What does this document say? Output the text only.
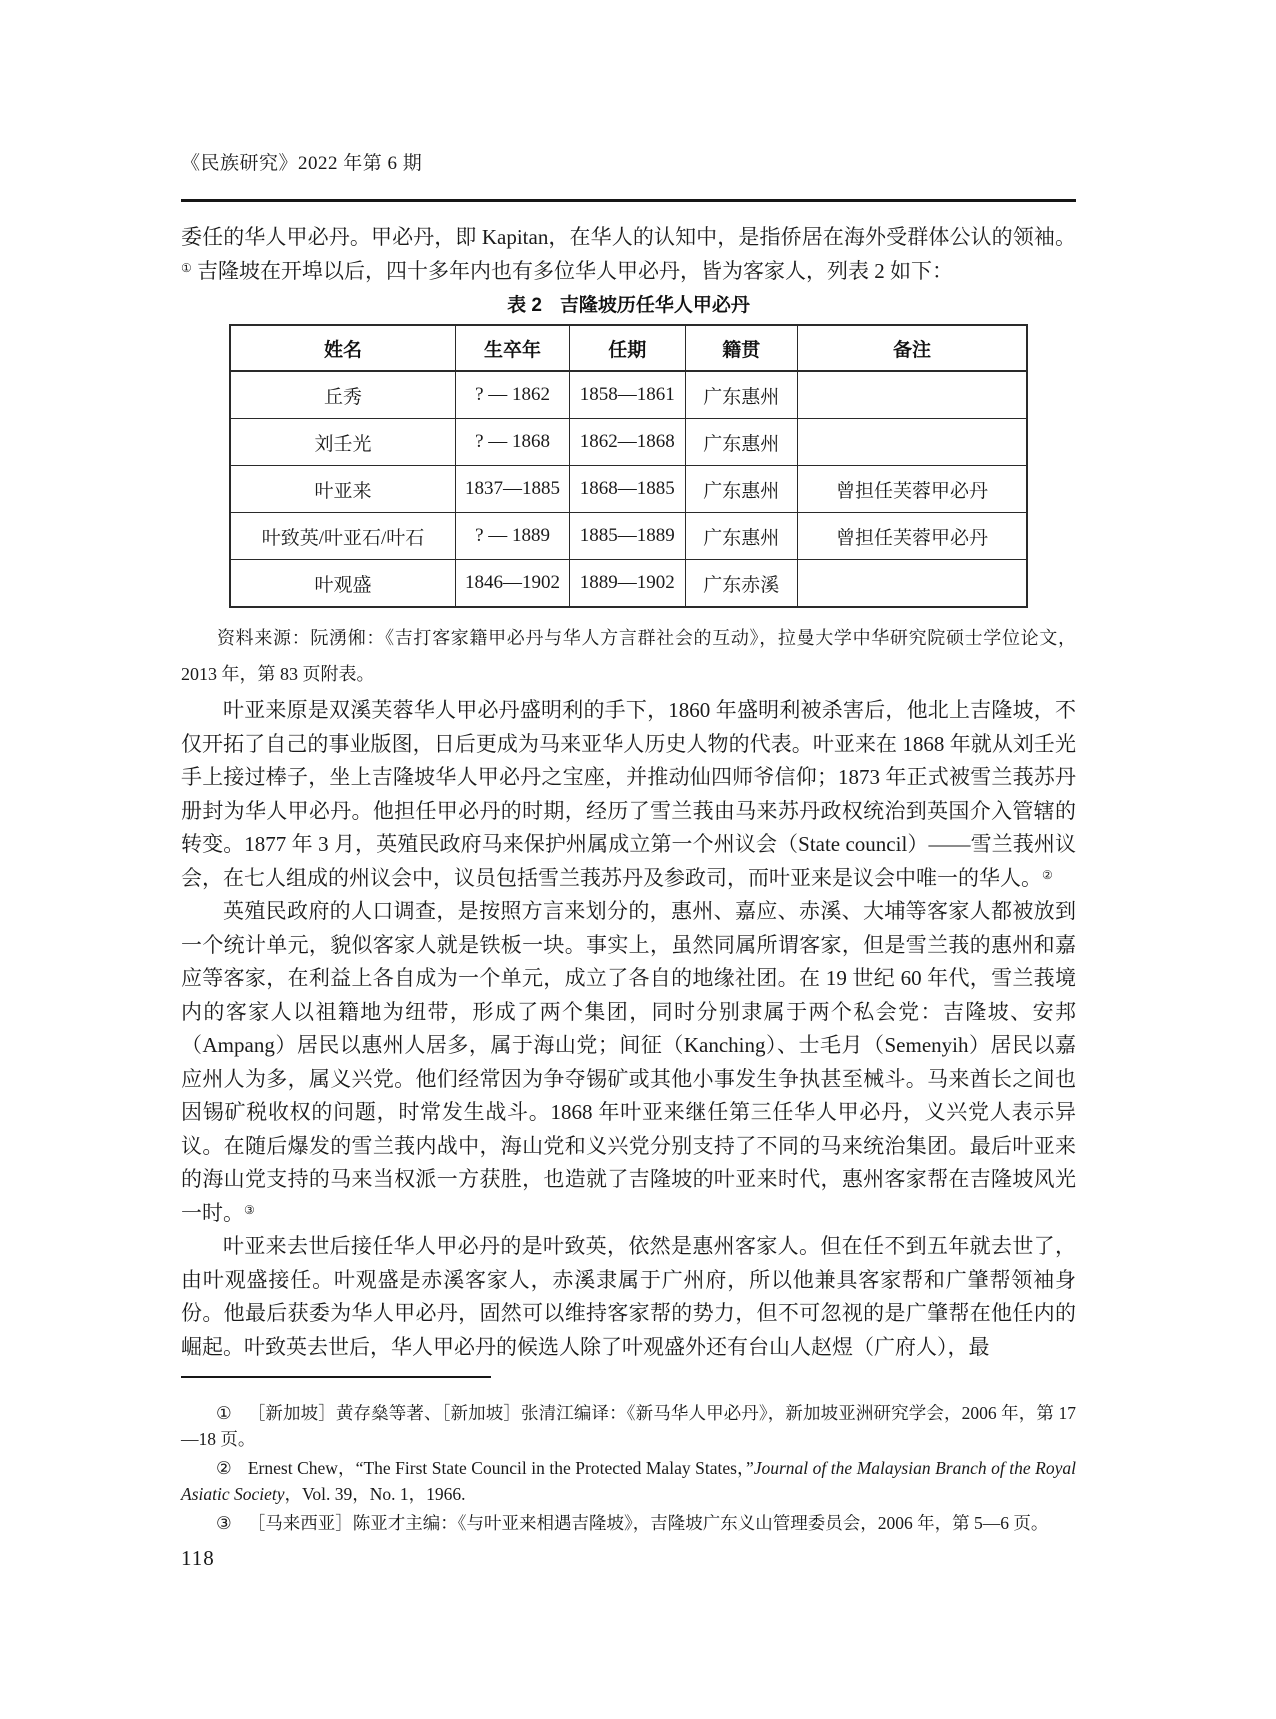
《民族研究》2022 年第 6 期

委任的华人甲必丹。甲必丹，即 Kapitan，在华人的认知中，是指侨居在海外受群体公认的领袖。① 吉隆坡在开埠以后，四十多年内也有多位华人甲必丹，皆为客家人，列表 2 如下：

表 2 吉隆坡历任华人甲必丹
姓名	生卒年	任期	籍贯	备注
丘秀	? — 1862	1858—1861	广东惠州	
刘壬光	? — 1868	1862—1868	广东惠州	
叶亚来	1837—1885	1868—1885	广东惠州	曾担任芙蓉甲必丹
叶致英/叶亚石/叶石	? — 1889	1885—1889	广东惠州	曾担任芙蓉甲必丹
叶观盛	1846—1902	1889—1902	广东赤溪	

资料来源：阮湧俰：《吉打客家籍甲必丹与华人方言群社会的互动》，拉曼大学中华研究院硕士学位论文，2013 年，第 83 页附表。

叶亚来原是双溪芙蓉华人甲必丹盛明利的手下，1860 年盛明利被杀害后，他北上吉隆坡，不仅开拓了自己的事业版图，日后更成为马来亚华人历史人物的代表。叶亚来在 1868 年就从刘壬光手上接过棒子，坐上吉隆坡华人甲必丹之宝座，并推动仙四师爷信仰；1873 年正式被雪兰莪苏丹册封为华人甲必丹。他担任甲必丹的时期，经历了雪兰莪由马来苏丹政权统治到英国介入管辖的转变。1877 年 3 月，英殖民政府马来保护州属成立第一个州议会（State council）——雪兰莪州议会，在七人组成的州议会中，议员包括雪兰莪苏丹及参政司，而叶亚来是议会中唯一的华人。②

英殖民政府的人口调查，是按照方言来划分的，惠州、嘉应、赤溪、大埔等客家人都被放到一个统计单元，貌似客家人就是铁板一块。事实上，虽然同属所谓客家，但是雪兰莪的惠州和嘉应等客家，在利益上各自成为一个单元，成立了各自的地缘社团。在 19 世纪 60 年代，雪兰莪境内的客家人以祖籍地为纽带，形成了两个集团，同时分别隶属于两个私会党：吉隆坡、安邦（Ampang）居民以惠州人居多，属于海山党；间征（Kanching）、士毛月（Semenyih）居民以嘉应州人为多，属义兴党。他们经常因为争夺锡矿或其他小事发生争执甚至械斗。马来酋长之间也因锡矿税收权的问题，时常发生战斗。1868 年叶亚来继任第三任华人甲必丹，义兴党人表示异议。在随后爆发的雪兰莪内战中，海山党和义兴党分别支持了不同的马来统治集团。最后叶亚来的海山党支持的马来当权派一方获胜，也造就了吉隆坡的叶亚来时代，惠州客家帮在吉隆坡风光一时。③

叶亚来去世后接任华人甲必丹的是叶致英，依然是惠州客家人。但在任不到五年就去世了，由叶观盛接任。叶观盛是赤溪客家人，赤溪隶属于广州府，所以他兼具客家帮和广肇帮领袖身份。他最后获委为华人甲必丹，固然可以维持客家帮的势力，但不可忽视的是广肇帮在他任内的崛起。叶致英去世后，华人甲必丹的候选人除了叶观盛外还有台山人赵煜（广府人），最

① ［新加坡］黄存燊等著、［新加坡］张清江编译：《新马华人甲必丹》，新加坡亚洲研究学会，2006 年，第 17—18 页。

② Ernest Chew，“The First State Council in the Protected Malay States，”Journal of the Malaysian Branch of the Royal Asiatic Society，Vol. 39，No. 1，1966.

③ ［马来西亚］陈亚才主编：《与叶亚来相遇吉隆坡》，吉隆坡广东义山管理委员会，2006 年，第 5—6 页。

118
